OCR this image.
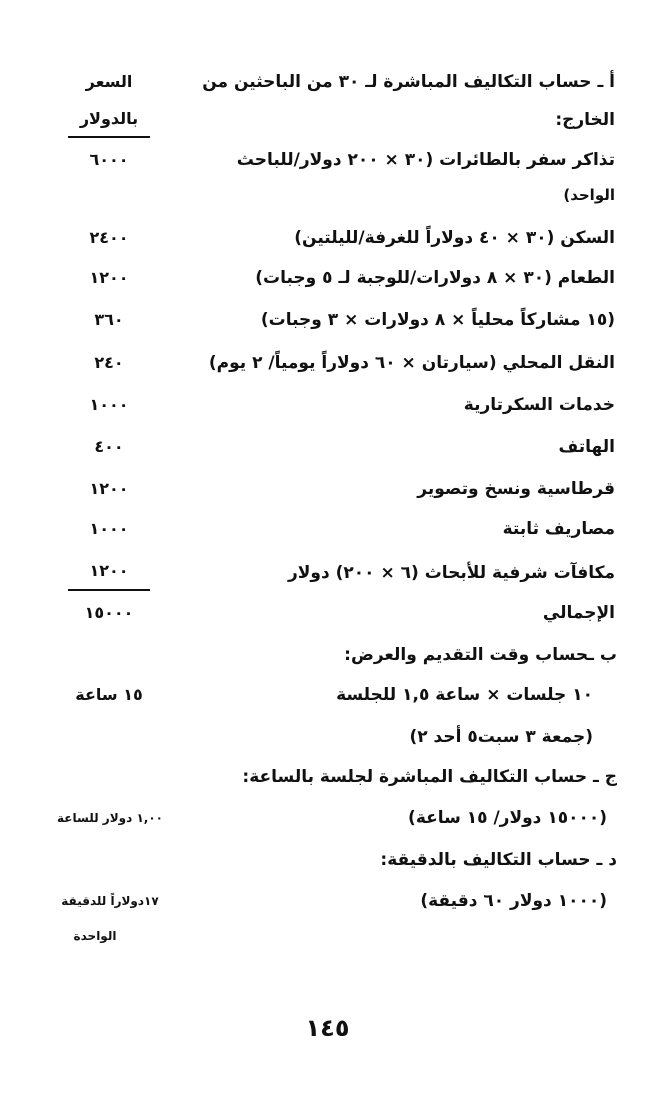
أ ـ حساب التكاليف المباشرة لـ ٣٠ من الباحثين من
السعر
الخارج:
بالدولار
تذاكر سفر بالطائرات (٣٠ × ٢٠٠ دولار/للباحث
٦٠٠٠
الواحد)
السكن (٣٠ × ٤٠ دولاراً للغرفة/لليلتين)
٢٤٠٠
الطعام (٣٠ × ٨ دولارات/للوجبة لـ ٥ وجبات)
١٢٠٠
(١٥ مشاركاً محلياً × ٨ دولارات × ٣ وجبات)
٣٦٠
النقل المحلي (سيارتان × ٦٠ دولاراً يومياً/ ٢ يوم)
٢٤٠
خدمات السكرتارية
١٠٠٠
الهاتف
٤٠٠
قرطاسية ونسخ وتصوير
١٢٠٠
مصاريف ثابتة
١٠٠٠
مكافآت شرفية للأبحاث (٦ × ٢٠٠) دولار
١٢٠٠
الإجمالي
١٥٠٠٠
ب ـحساب وقت التقديم والعرض:
١٠ جلسات × ساعة ١,٥ للجلسة
١٥ ساعة
(جمعة ٣ سبت٥ أحد ٢)
ج ـ حساب التكاليف المباشرة لجلسة بالساعة:
(١٥٠٠٠ دولار/ ١٥ ساعة)
١,٠٠ دولار للساعة
د ـ حساب التكاليف بالدقيقة:
(١٠٠٠ دولار ٦٠ دقيقة)
١٧دولاراً للدقيقة
الواحدة
١٤٥
